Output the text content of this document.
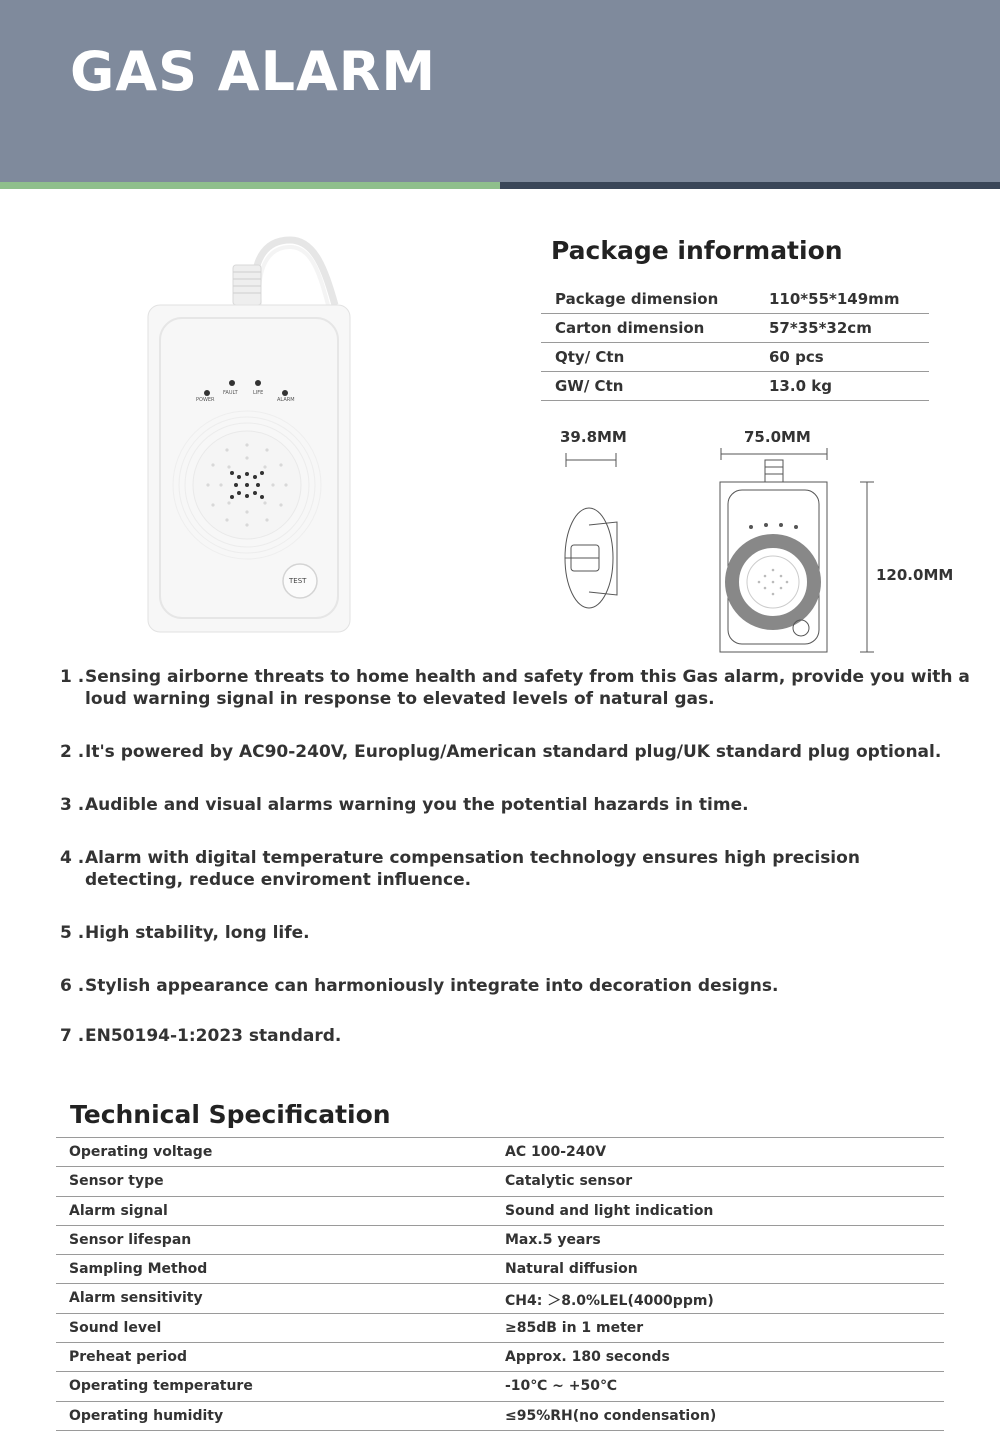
GAS ALARM
POWER
FAULT	LIFE
ALARM
TEST
Package information
Package dimension	110*55*149mm
Carton dimension	57*35*32cm
Qty/ Ctn	60 pcs
GW/ Ctn	13.0 kg
39.8MM	75.0MM
120.0MM
1 . Sensing airborne threats to home health and safety from this Gas alarm, provide you with a loud warning signal in response to elevated levels of natural gas.
2 . It's powered by AC90-240V, Europlug/American standard plug/UK standard plug optional.
3 . Audible and visual alarms warning you the potential hazards in time.
4 . Alarm with digital temperature compensation technology ensures high precision detecting, reduce enviroment influence.
5 . High stability, long life.
6 . Stylish appearance can harmoniously integrate into decoration designs.
7 . EN50194-1:2023 standard.
Technical Specification
Operating voltage	AC 100-240V
Sensor type	Catalytic sensor
Alarm signal	Sound and light indication
Sensor lifespan	Max.5 years
Sampling Method	Natural diffusion
Alarm sensitivity	CH4: ＞8.0%LEL(4000ppm)
Sound level	≥85dB in 1 meter
Preheat period	Approx. 180 seconds
Operating temperature	-10℃ ~ +50℃
Operating humidity	≤95%RH(no condensation)
